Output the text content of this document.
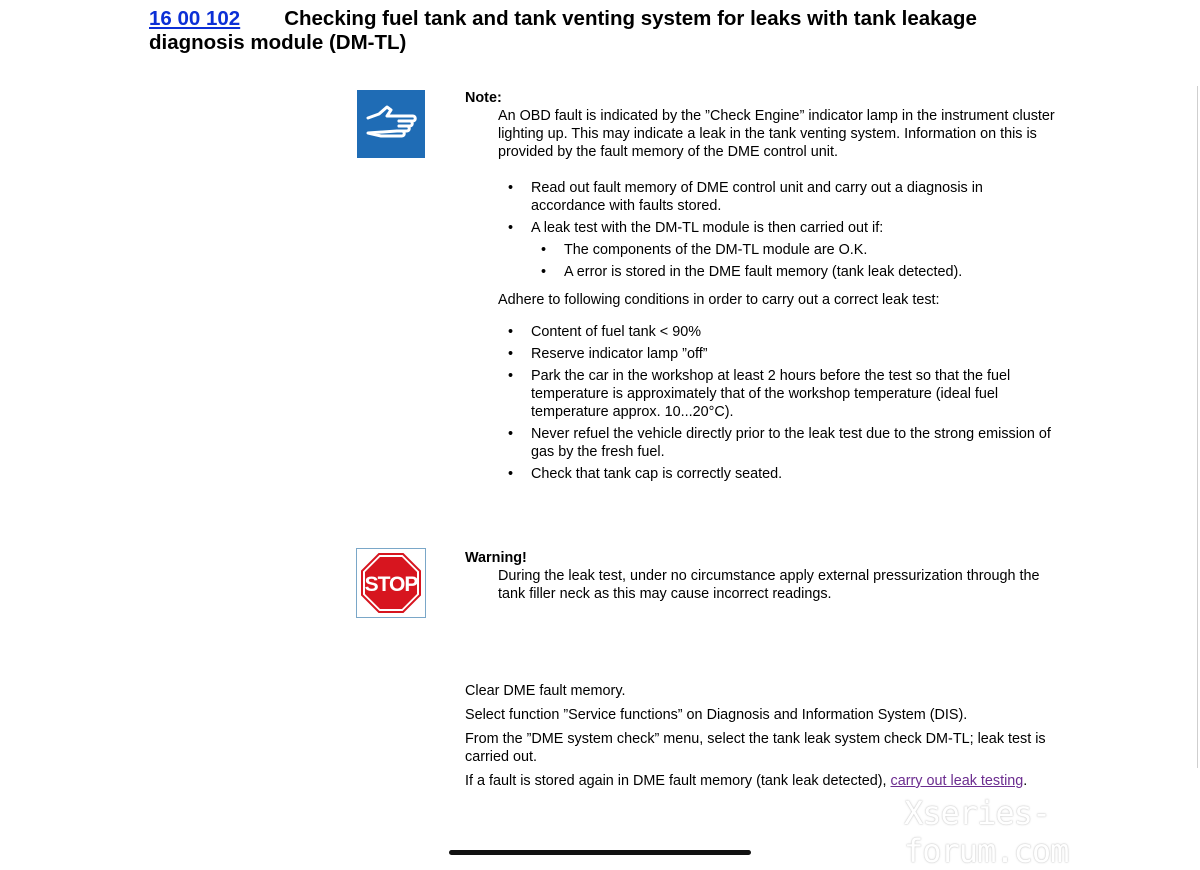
16 00 102 Checking fuel tank and tank venting system for leaks with tank leakage diagnosis module (DM-TL)

Note:

An OBD fault is indicated by the ”Check Engine” indicator lamp in the instrument cluster lighting up. This may indicate a leak in the tank venting system. Information on this is provided by the fault memory of the DME control unit.

• Read out fault memory of DME control unit and carry out a diagnosis in accordance with faults stored.
• A leak test with the DM-TL module is then carried out if:
• The components of the DM-TL module are O.K.
• A error is stored in the DME fault memory (tank leak detected).

Adhere to following conditions in order to carry out a correct leak test:

• Content of fuel tank < 90%
• Reserve indicator lamp ”off”
• Park the car in the workshop at least 2 hours before the test so that the fuel temperature is approximately that of the workshop temperature (ideal fuel temperature approx. 10...20°C).
• Never refuel the vehicle directly prior to the leak test due to the strong emission of gas by the fresh fuel.
• Check that tank cap is correctly seated.
STOP

Warning!

During the leak test, under no circumstance apply external pressurization through the tank filler neck as this may cause incorrect readings.

Clear DME fault memory.

Select function ”Service functions” on Diagnosis and Information System (DIS).

From the ”DME system check” menu, select the tank leak system check DM-TL; leak test is carried out.

If a fault is stored again in DME fault memory (tank leak detected), carry out leak testing.

Xseries-forum.com
